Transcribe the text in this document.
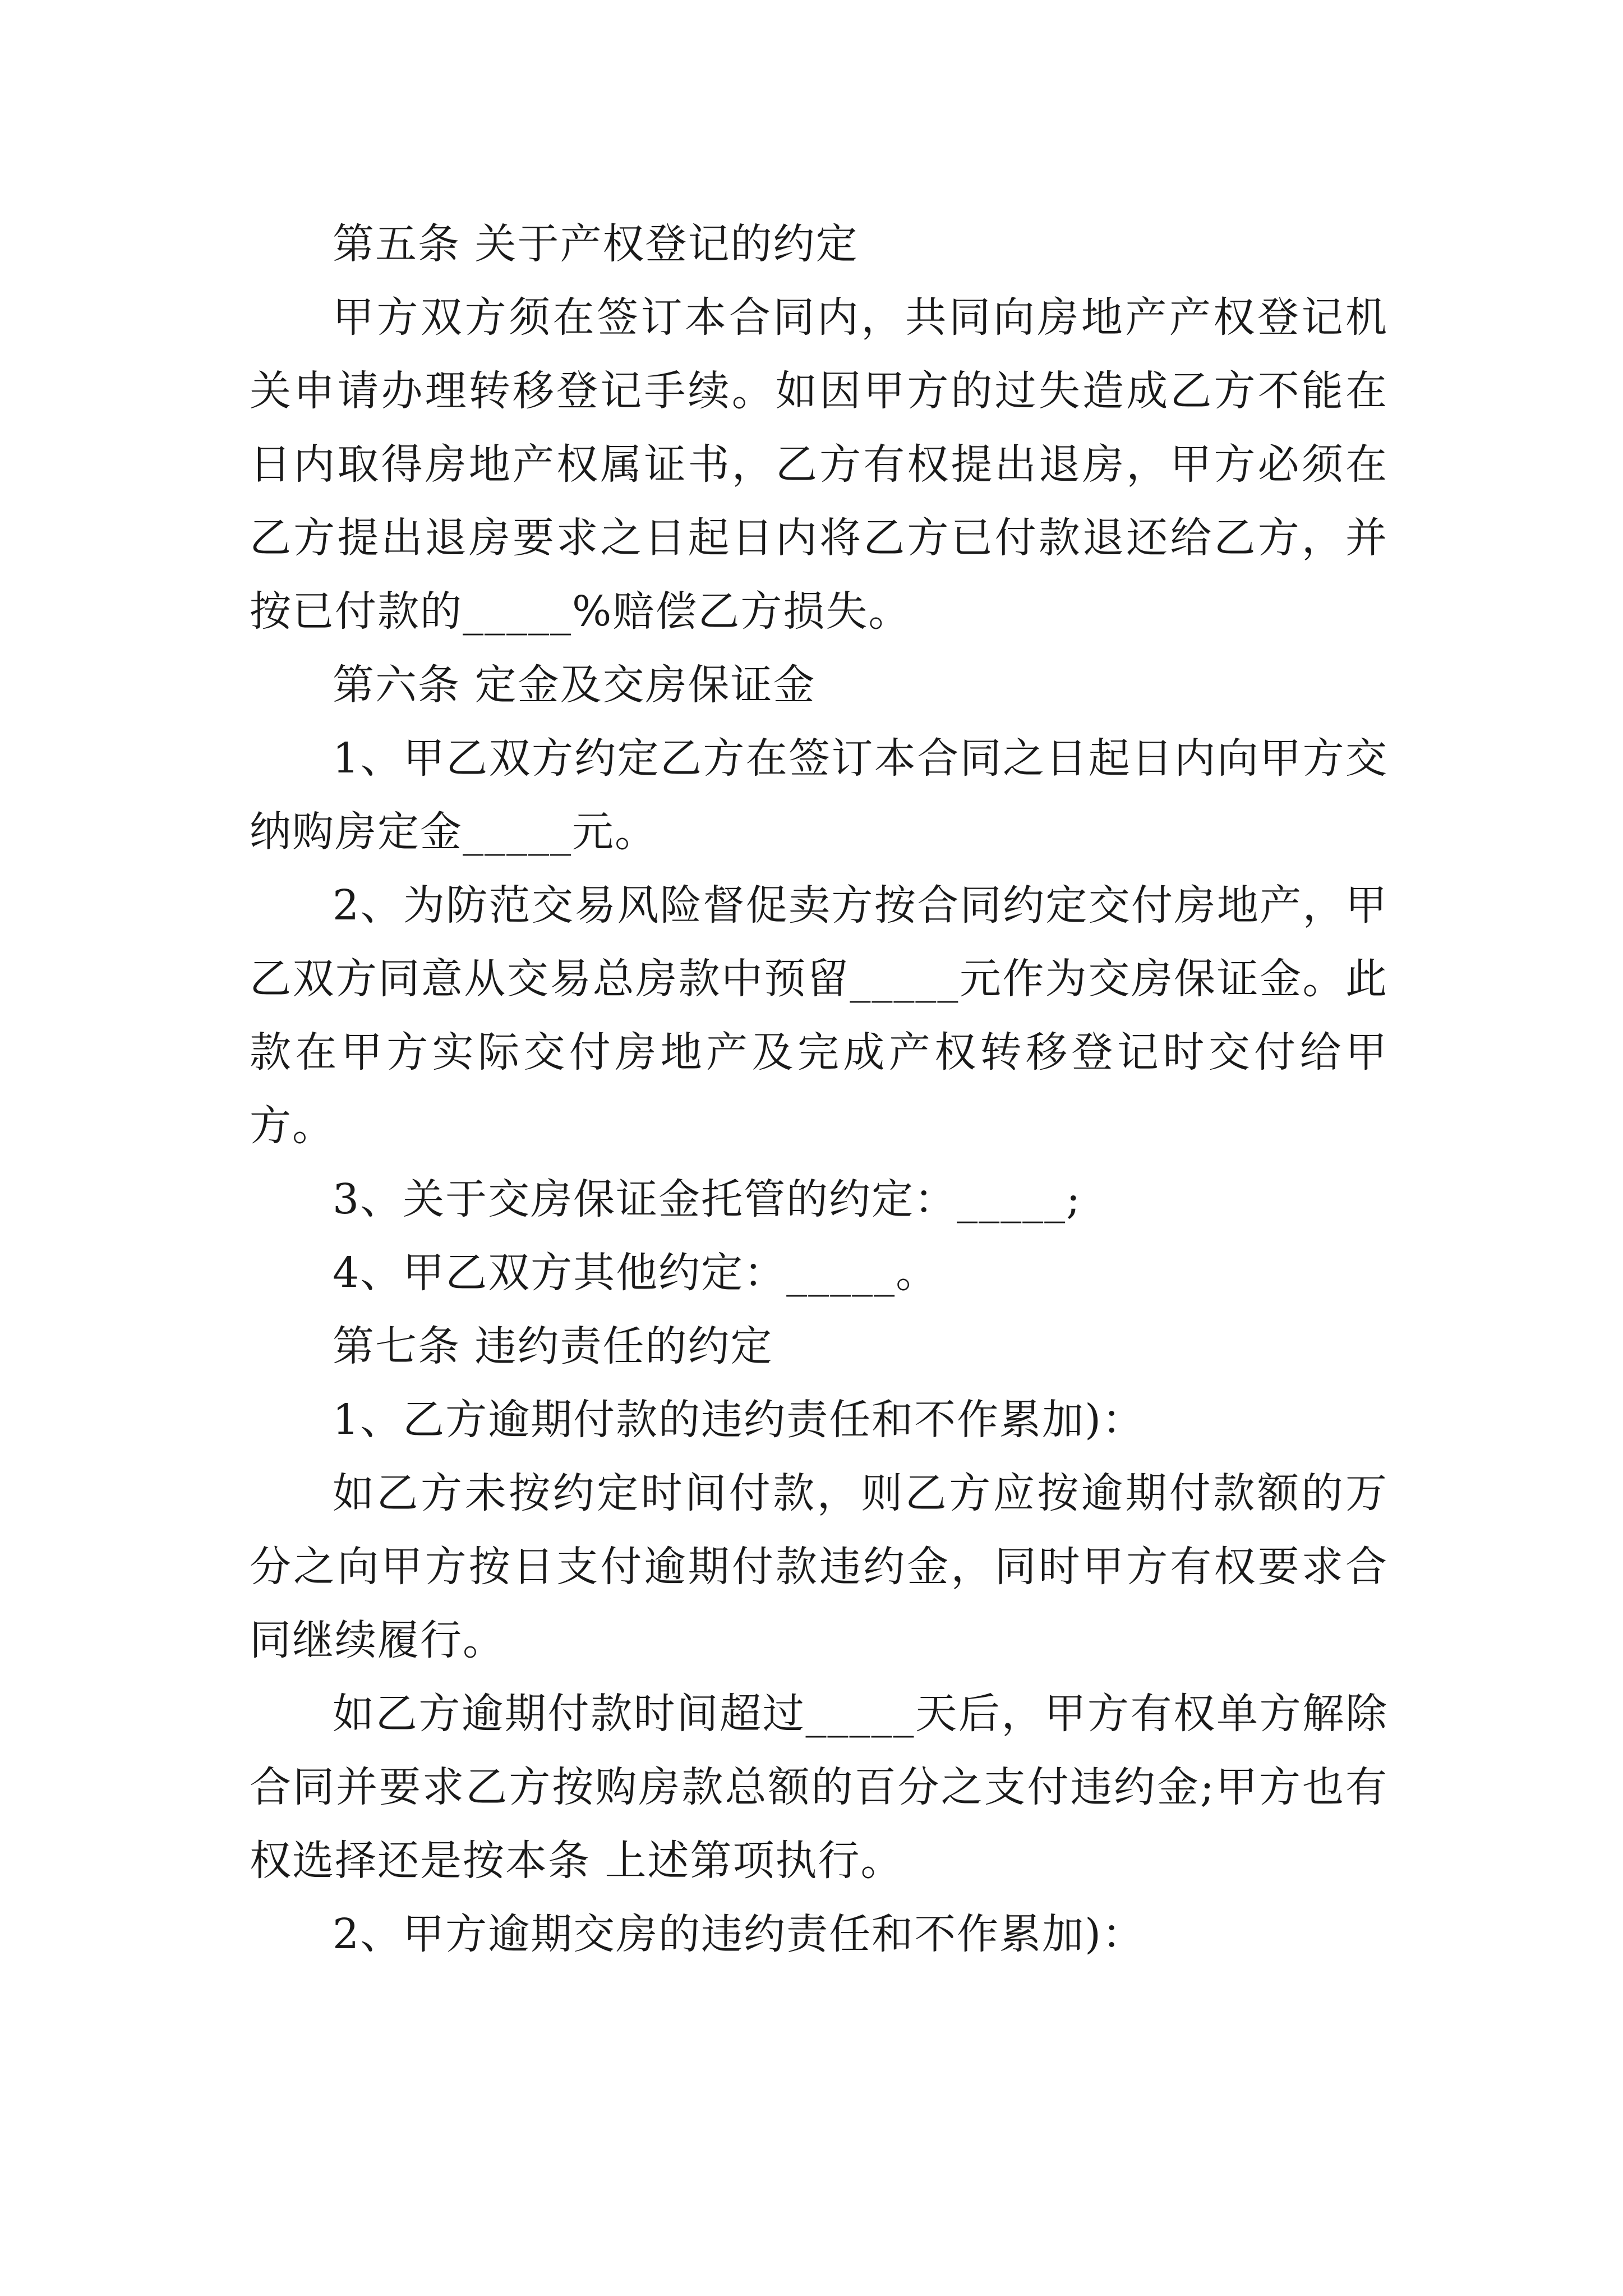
第五条 关于产权登记的约定

甲方双方须在签订本合同内，共同向房地产产权登记机关申请办理转移登记手续。如因甲方的过失造成乙方不能在日内取得房地产权属证书，乙方有权提出退房，甲方必须在乙方提出退房要求之日起日内将乙方已付款退还给乙方，并按已付款的_____%赔偿乙方损失。

第六条 定金及交房保证金

1、甲乙双方约定乙方在签订本合同之日起日内向甲方交纳购房定金_____元。

2、为防范交易风险督促卖方按合同约定交付房地产，甲乙双方同意从交易总房款中预留_____元作为交房保证金。此款在甲方实际交付房地产及完成产权转移登记时交付给甲方。

3、关于交房保证金托管的约定：_____;

4、甲乙双方其他约定：_____。

第七条 违约责任的约定

1、乙方逾期付款的违约责任和不作累加)：

如乙方未按约定时间付款，则乙方应按逾期付款额的万分之向甲方按日支付逾期付款违约金，同时甲方有权要求合同继续履行。

如乙方逾期付款时间超过_____天后，甲方有权单方解除合同并要求乙方按购房款总额的百分之支付违约金;甲方也有权选择还是按本条 上述第项执行。

2、甲方逾期交房的违约责任和不作累加)：
